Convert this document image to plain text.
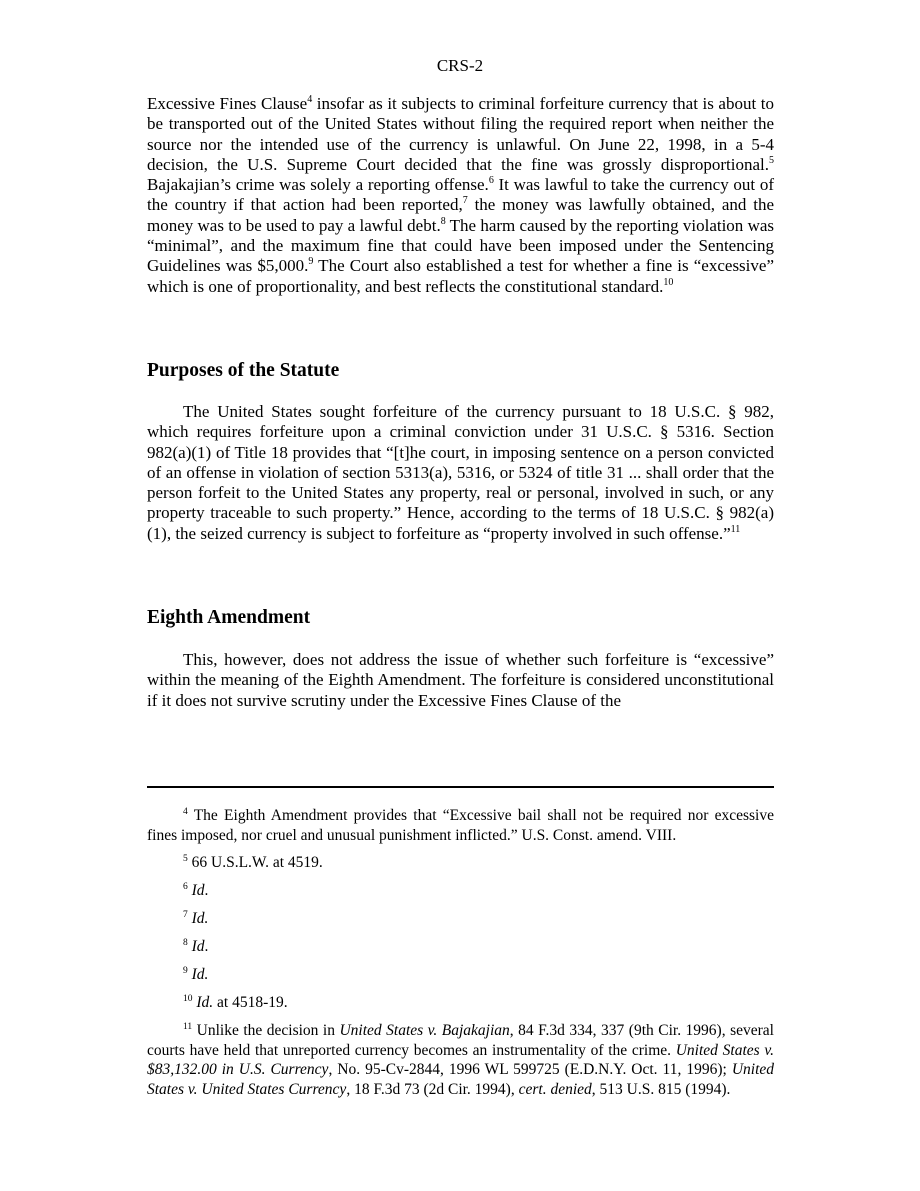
CRS-2

Excessive Fines Clause$^4$ insofar as it subjects to criminal forfeiture currency that is about to be transported out of the United States without filing the required report when neither the source nor the intended use of the currency is unlawful. On June 22, 1998, in a 5-4 decision, the U.S. Supreme Court decided that the fine was grossly disproportional.$^5$ Bajakajian’s crime was solely a reporting offense.$^6$ It was lawful to take the currency out of the country if that action had been reported,$^7$ the money was lawfully obtained, and the money was to be used to pay a lawful debt.$^8$ The harm caused by the reporting violation was “minimal”, and the maximum fine that could have been imposed under the Sentencing Guidelines was $5,000.$^9$ The Court also established a test for whether a fine is “excessive” which is one of proportionality, and best reflects the constitutional standard.$^{10}$

Purposes of the Statute

The United States sought forfeiture of the currency pursuant to 18 U.S.C. § 982, which requires forfeiture upon a criminal conviction under 31 U.S.C. § 5316. Section 982(a)(1) of Title 18 provides that “[t]he court, in imposing sentence on a person convicted of an offense in violation of section 5313(a), 5316, or 5324 of title 31 ... shall order that the person forfeit to the United States any property, real or personal, involved in such, or any property traceable to such property.” Hence, according to the terms of 18 U.S.C. § 982(a)(1), the seized currency is subject to forfeiture as “property involved in such offense.”$^{11}$

Eighth Amendment

This, however, does not address the issue of whether such forfeiture is “excessive” within the meaning of the Eighth Amendment. The forfeiture is considered unconstitutional if it does not survive scrutiny under the Excessive Fines Clause of the

$^4$ The Eighth Amendment provides that “Excessive bail shall not be required nor excessive fines imposed, nor cruel and unusual punishment inflicted.” U.S. Const. amend. VIII.

$^5$ 66 U.S.L.W. at 4519.

$^6$ Id.

$^7$ Id.

$^8$ Id.

$^9$ Id.

$^{10}$ Id. at 4518-19.

$^{11}$ Unlike the decision in United States v. Bajakajian, 84 F.3d 334, 337 (9th Cir. 1996), several courts have held that unreported currency becomes an instrumentality of the crime. United States v. $83,132.00 in U.S. Currency, No. 95-Cv-2844, 1996 WL 599725 (E.D.N.Y. Oct. 11, 1996); United States v. United States Currency, 18 F.3d 73 (2d Cir. 1994), cert. denied, 513 U.S. 815 (1994).
